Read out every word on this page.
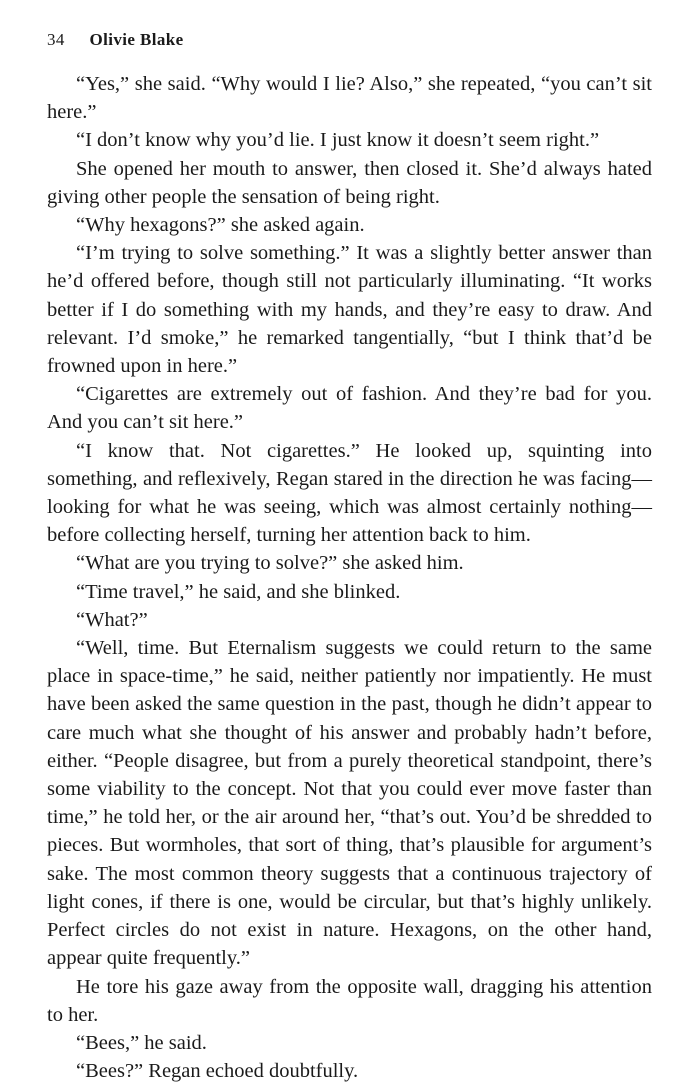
34 Olivie Blake

“Yes,” she said. “Why would I lie? Also,” she repeated, “you can’t sit here.”

“I don’t know why you’d lie. I just know it doesn’t seem right.”

She opened her mouth to answer, then closed it. She’d always hated giving other people the sensation of being right.

“Why hexagons?” she asked again.

“I’m trying to solve something.” It was a slightly better answer than he’d offered before, though still not particularly illuminating. “It works better if I do something with my hands, and they’re easy to draw. And relevant. I’d smoke,” he remarked tangentially, “but I think that’d be frowned upon in here.”

“Cigarettes are extremely out of fashion. And they’re bad for you. And you can’t sit here.”

“I know that. Not cigarettes.” He looked up, squinting into something, and reflexively, Regan stared in the direction he was facing—looking for what he was seeing, which was almost certainly nothing—before collecting herself, turning her attention back to him.

“What are you trying to solve?” she asked him.

“Time travel,” he said, and she blinked.

“What?”

“Well, time. But Eternalism suggests we could return to the same place in space-time,” he said, neither patiently nor impatiently. He must have been asked the same question in the past, though he didn’t appear to care much what she thought of his answer and probably hadn’t before, either. “People disagree, but from a purely theoretical standpoint, there’s some viability to the concept. Not that you could ever move faster than time,” he told her, or the air around her, “that’s out. You’d be shredded to pieces. But wormholes, that sort of thing, that’s plausible for argument’s sake. The most common theory suggests that a continuous trajectory of light cones, if there is one, would be circular, but that’s highly unlikely. Perfect circles do not exist in nature. Hexagons, on the other hand, appear quite frequently.”

He tore his gaze away from the opposite wall, dragging his attention to her.

“Bees,” he said.

“Bees?” Regan echoed doubtfully.
